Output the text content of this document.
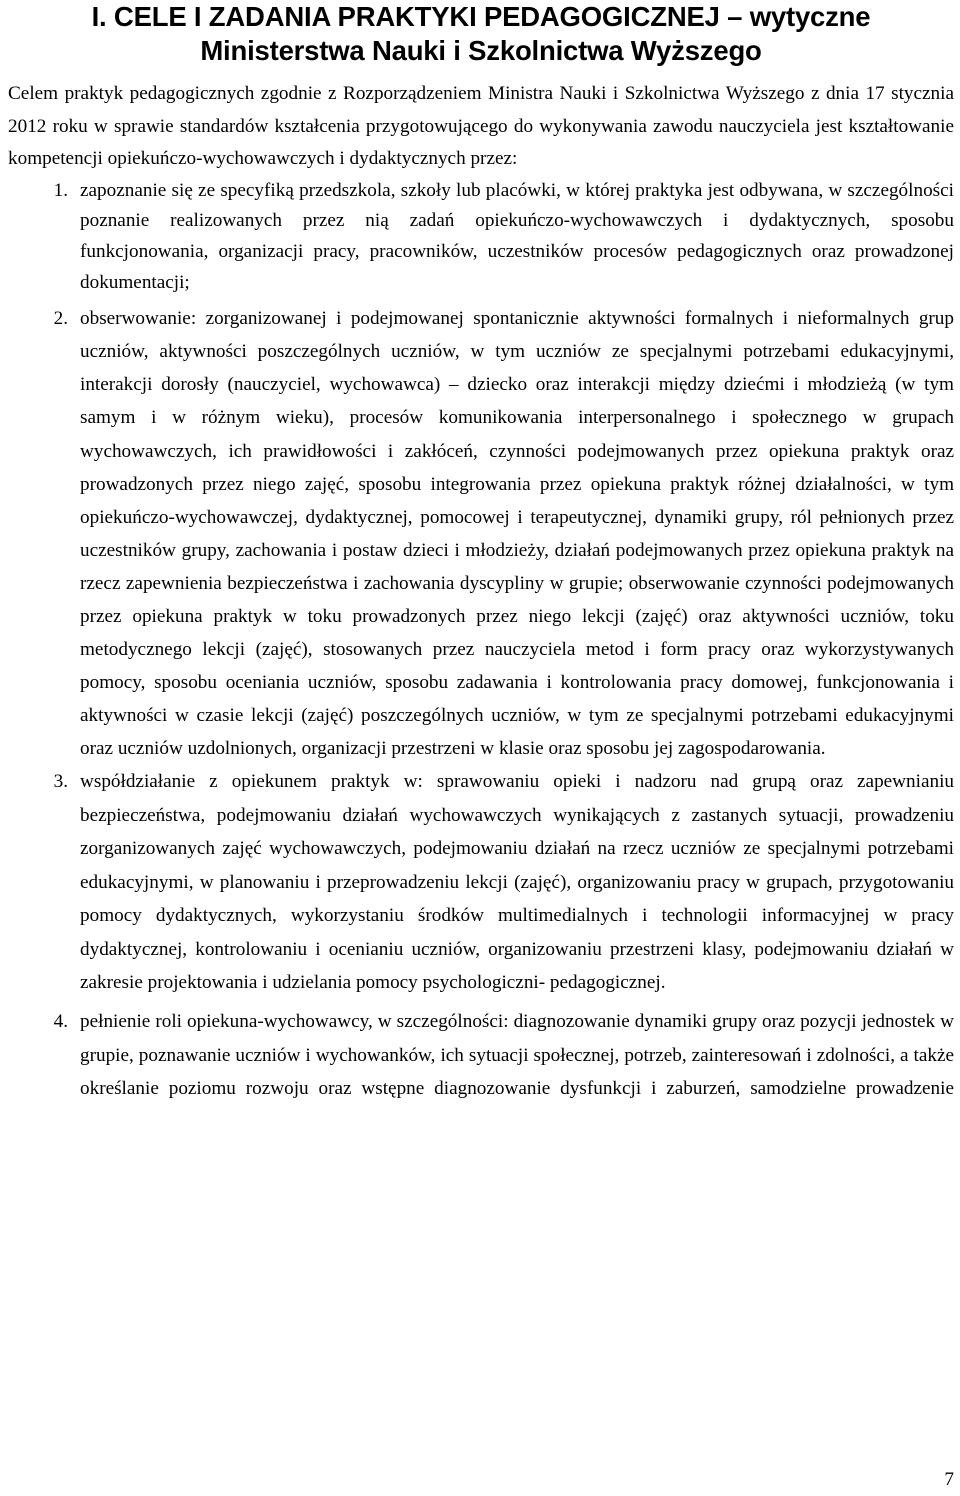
I. CELE I ZADANIA PRAKTYKI PEDAGOGICZNEJ – wytyczne
Ministerstwa Nauki i Szkolnictwa Wyższego

Celem praktyk pedagogicznych zgodnie z Rozporządzeniem Ministra Nauki i Szkolnictwa Wyższego z dnia 17 stycznia 2012 roku w sprawie standardów kształcenia przygotowującego do wykonywania zawodu nauczyciela jest kształtowanie kompetencji opiekuńczo-wychowawczych i dydaktycznych przez:

1. zapoznanie się ze specyfiką przedszkola, szkoły lub placówki, w której praktyka jest odbywana, w szczególności poznanie realizowanych przez nią zadań opiekuńczo-wychowawczych i dydaktycznych, sposobu funkcjonowania, organizacji pracy, pracowników, uczestników procesów pedagogicznych oraz prowadzonej dokumentacji;
2. obserwowanie: zorganizowanej i podejmowanej spontanicznie aktywności formalnych i nieformalnych grup uczniów, aktywności poszczególnych uczniów, w tym uczniów ze specjalnymi potrzebami edukacyjnymi, interakcji dorosły (nauczyciel, wychowawca) – dziecko oraz interakcji między dziećmi i młodzieżą (w tym samym i w różnym wieku), procesów komunikowania interpersonalnego i społecznego w grupach wychowawczych, ich prawidłowości i zakłóceń, czynności podejmowanych przez opiekuna praktyk oraz prowadzonych przez niego zajęć, sposobu integrowania przez opiekuna praktyk różnej działalności, w tym opiekuńczo-wychowawczej, dydaktycznej, pomocowej i terapeutycznej, dynamiki grupy, ról pełnionych przez uczestników grupy, zachowania i postaw dzieci i młodzieży, działań podejmowanych przez opiekuna praktyk na rzecz zapewnienia bezpieczeństwa i zachowania dyscypliny w grupie; obserwowanie czynności podejmowanych przez opiekuna praktyk w toku prowadzonych przez niego lekcji (zajęć) oraz aktywności uczniów, toku metodycznego lekcji (zajęć), stosowanych przez nauczyciela metod i form pracy oraz wykorzystywanych pomocy, sposobu oceniania uczniów, sposobu zadawania i kontrolowania pracy domowej, funkcjonowania i aktywności w czasie lekcji (zajęć) poszczególnych uczniów, w tym ze specjalnymi potrzebami edukacyjnymi oraz uczniów uzdolnionych, organizacji przestrzeni w klasie oraz sposobu jej zagospodarowania.
3. współdziałanie z opiekunem praktyk w: sprawowaniu opieki i nadzoru nad grupą oraz zapewnianiu bezpieczeństwa, podejmowaniu działań wychowawczych wynikających z zastanych sytuacji, prowadzeniu zorganizowanych zajęć wychowawczych, podejmowaniu działań na rzecz uczniów ze specjalnymi potrzebami edukacyjnymi, w planowaniu i przeprowadzeniu lekcji (zajęć), organizowaniu pracy w grupach, przygotowaniu pomocy dydaktycznych, wykorzystaniu środków multimedialnych i technologii informacyjnej w pracy dydaktycznej, kontrolowaniu i ocenianiu uczniów, organizowaniu przestrzeni klasy, podejmowaniu działań w zakresie projektowania i udzielania pomocy psychologiczni- pedagogicznej.
4. pełnienie roli opiekuna-wychowawcy, w szczególności: diagnozowanie dynamiki grupy oraz pozycji jednostek w grupie, poznawanie uczniów i wychowanków, ich sytuacji społecznej, potrzeb, zainteresowań i zdolności, a także określanie poziomu rozwoju oraz wstępne diagnozowanie dysfunkcji i zaburzeń, samodzielne prowadzenie
7
